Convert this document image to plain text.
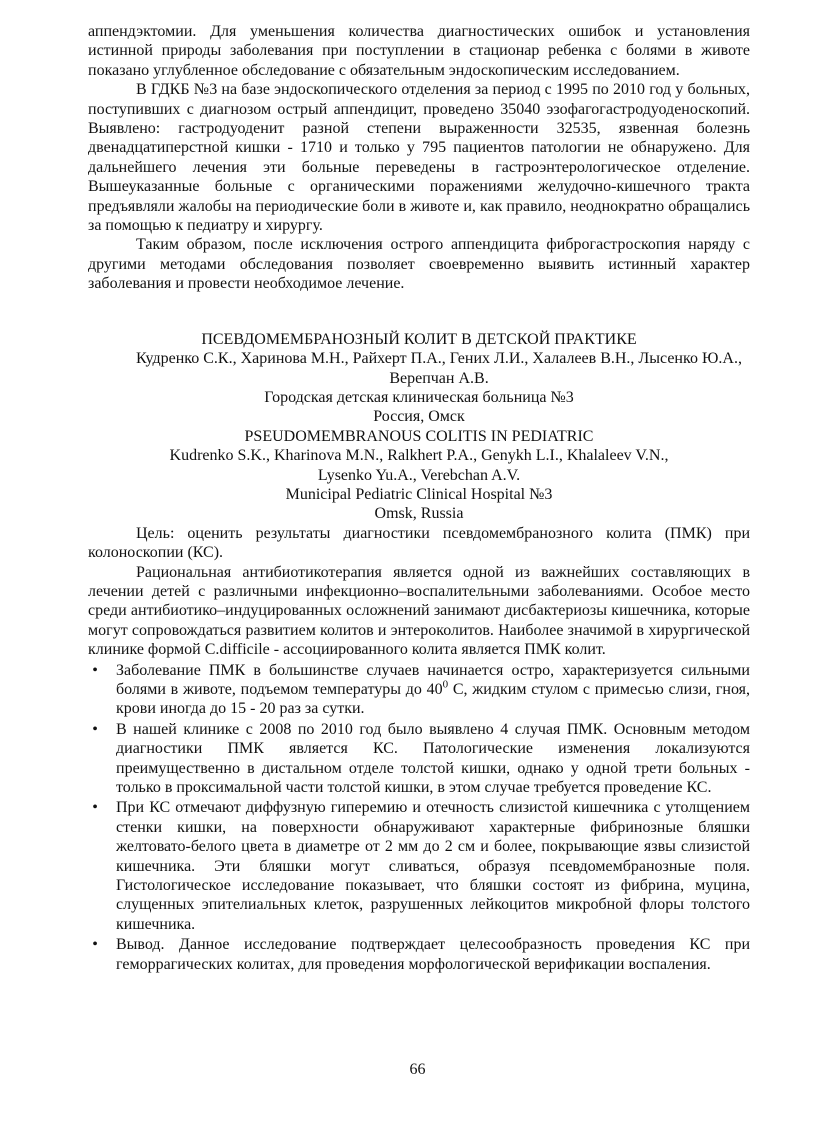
аппендэктомии. Для уменьшения количества диагностических ошибок и установления истинной природы заболевания при поступлении в стационар ребенка с болями в животе показано углубленное обследование с обязательным эндоскопическим исследованием.

В ГДКБ №3 на базе эндоскопического отделения за период с 1995 по 2010 год у больных, поступивших с диагнозом острый аппендицит, проведено 35040 эзофагогастродуоденоскопий. Выявлено: гастродуоденит разной степени выраженности 32535, язвенная болезнь двенадцатиперстной кишки - 1710 и только у 795 пациентов патологии не обнаружено. Для дальнейшего лечения эти больные переведены в гастроэнтерологическое отделение. Вышеуказанные больные с органическими поражениями желудочно-кишечного тракта предъявляли жалобы на периодические боли в животе и, как правило, неоднократно обращались за помощью к педиатру и хирургу.

Таким образом, после исключения острого аппендицита фиброгастроскопия наряду с другими методами обследования позволяет своевременно выявить истинный характер заболевания и провести необходимое лечение.

ПСЕВДОМЕМБРАНОЗНЫЙ КОЛИТ В ДЕТСКОЙ ПРАКТИКЕ

Кудренко С.К., Харинова М.Н., Райхерт П.А., Гених Л.И., Халалеев В.Н., Лысенко Ю.А., Верепчан А.В.

Городская детская клиническая больница №3

Россия, Омск

PSEUDOMEMBRANOUS COLITIS IN PEDIATRIC

Kudrenko S.K., Kharinova M.N., Ralkhert P.A., Genykh L.I., Khalaleev V.N., Lysenko Yu.A., Verebchan A.V.

Municipal Pediatric Clinical Hospital №3

Omsk, Russia

Цель: оценить результаты диагностики псевдомембранозного колита (ПМК) при колоноскопии (КС).

Рациональная антибиотикотерапия является одной из важнейших составляющих в лечении детей с различными инфекционно–воспалительными заболеваниями. Особое место среди антибиотико–индуцированных осложнений занимают дисбактериозы кишечника, которые могут сопровождаться развитием колитов и энтероколитов. Наиболее значимой в хирургической клинике формой C.difficile - ассоциированного колита является ПМК колит.

• Заболевание ПМК в большинстве случаев начинается остро, характеризуется сильными болями в животе, подъемом температуры до $40^0$ С, жидким стулом с примесью слизи, гноя, крови иногда до 15 - 20 раз за сутки.
• В нашей клинике с 2008 по 2010 год было выявлено 4 случая ПМК. Основным методом диагностики ПМК является КС. Патологические изменения локализуются преимущественно в дистальном отделе толстой кишки, однако у одной трети больных - только в проксимальной части толстой кишки, в этом случае требуется проведение КС.
• При КС отмечают диффузную гиперемию и отечность слизистой кишечника с утолщением стенки кишки, на поверхности обнаруживают характерные фибринозные бляшки желтовато-белого цвета в диаметре от 2 мм до 2 см и более, покрывающие язвы слизистой кишечника. Эти бляшки могут сливаться, образуя псевдомембранозные поля. Гистологическое исследование показывает, что бляшки состоят из фибрина, муцина, слущенных эпителиальных клеток, разрушенных лейкоцитов микробной флоры толстого кишечника.
• Вывод. Данное исследование подтверждает целесообразность проведения КС при геморрагических колитах, для проведения морфологической верификации воспаления.
66
